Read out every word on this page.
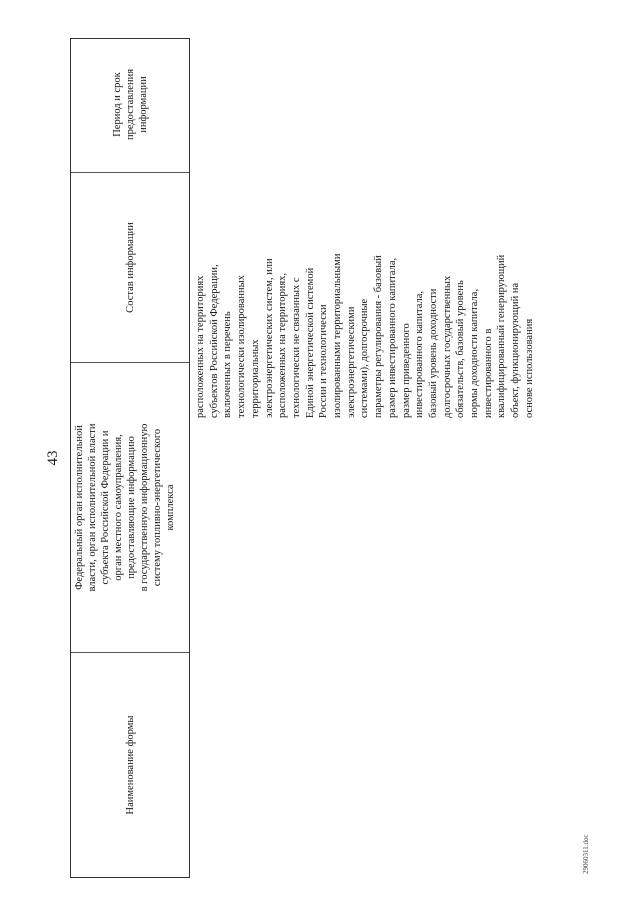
43
Наименование формы
Федеральный орган исполнительной власти, орган исполнительной власти субъекта Российской Федерации и орган местного самоуправления, предоставляющие информацию в государственную информационную систему топливно-энергетического комплекса
Состав информации
Период и срок предоставления информации
расположенных на территориях субъектов Российской Федерации, включенных в перечень технологически изолированных территориальных электроэнергетических систем, или расположенных на территориях, технологически не связанных с Единой энергетической системой России и технологически изолированными территориальными электроэнергетическими системами), долгосрочные параметры регулирования - базовый размер инвестированного капитала, размер приведенного инвестированного капитала, базовый уровень доходности долгосрочных государственных обязательств, базовый уровень нормы доходности капитала, инвестированного в квалифицированный генерирующий объект, функционирующий на основе использования
29060311.doc
